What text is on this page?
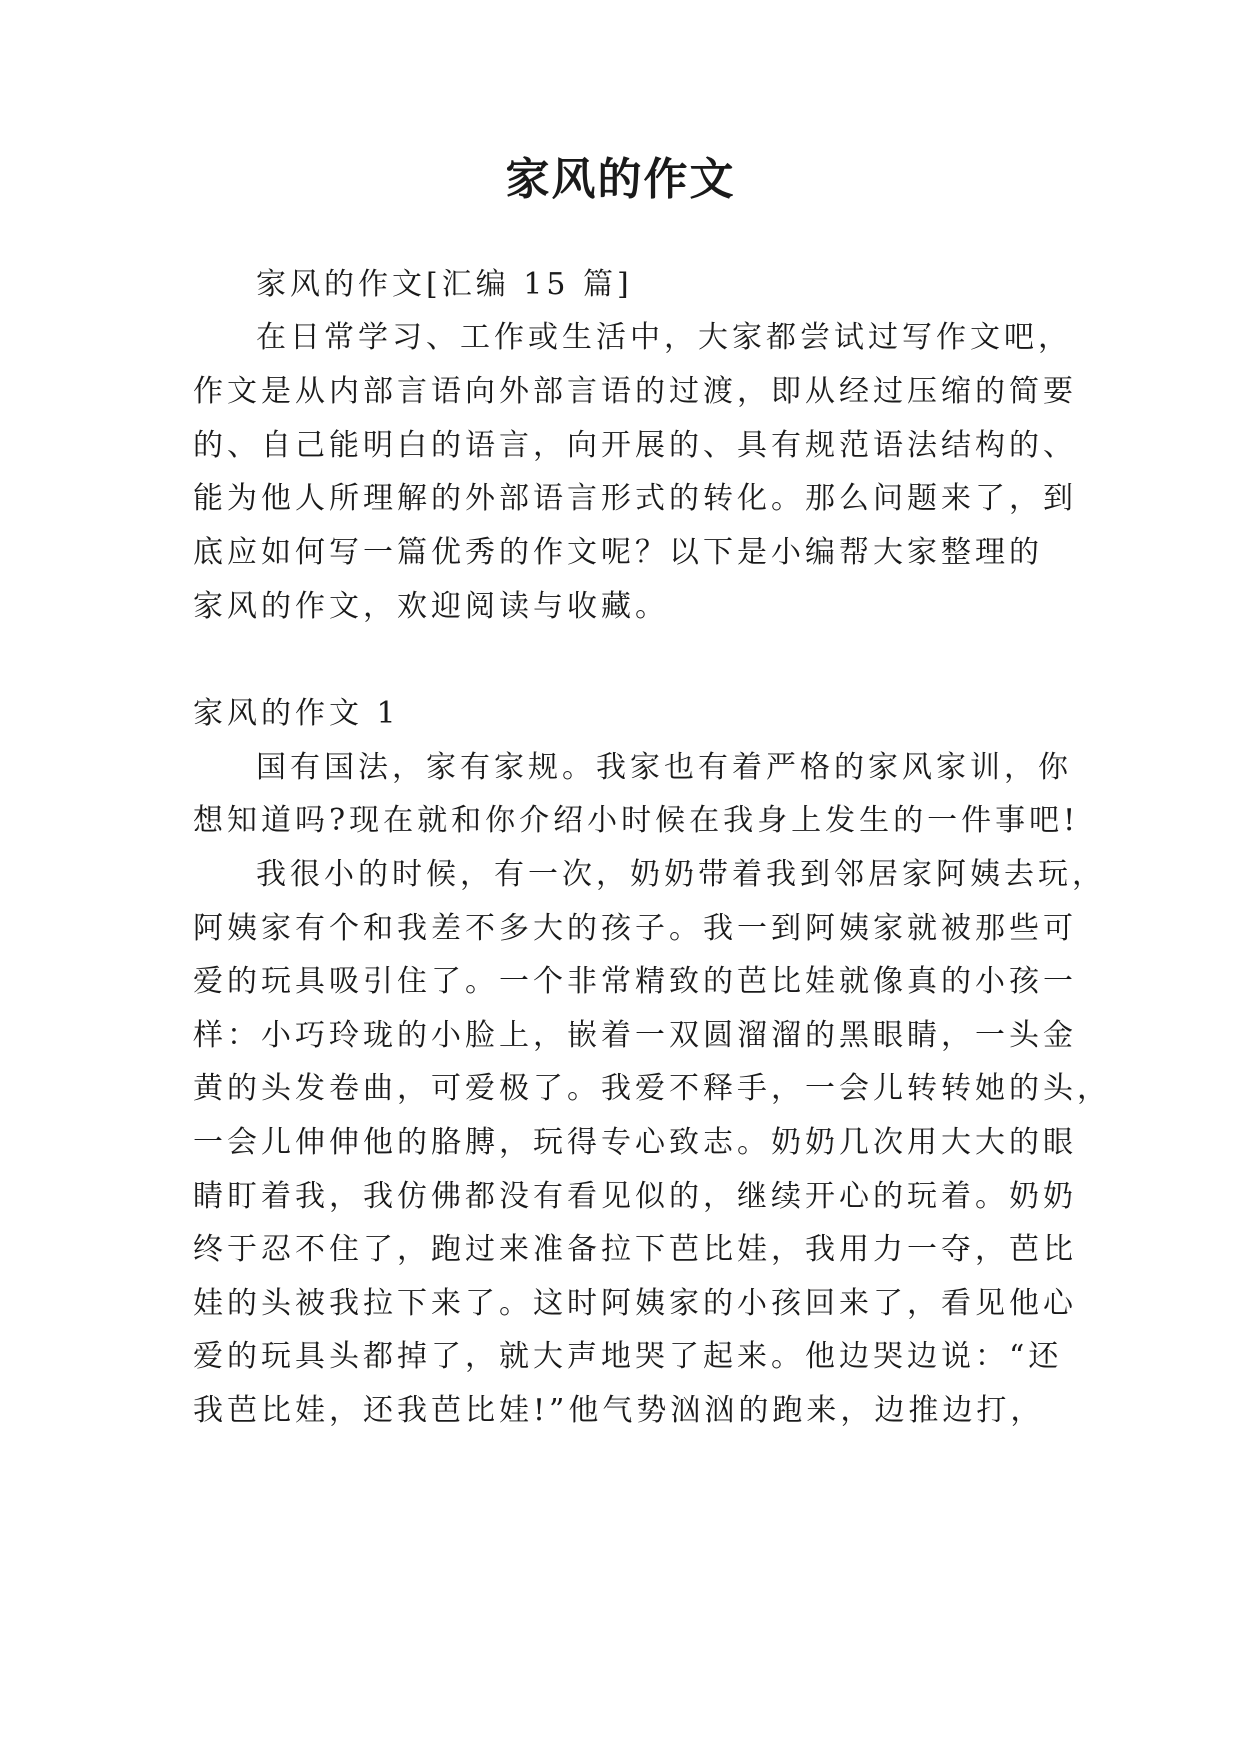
家风的作文
家风的作文[汇编 15 篇]
在日常学习、工作或生活中，大家都尝试过写作文吧，
作文是从内部言语向外部言语的过渡，即从经过压缩的简要
的、自己能明白的语言，向开展的、具有规范语法结构的、
能为他人所理解的外部语言形式的转化。那么问题来了，到
底应如何写一篇优秀的作文呢？以下是小编帮大家整理的
家风的作文，欢迎阅读与收藏。
家风的作文 1
国有国法，家有家规。我家也有着严格的家风家训，你
想知道吗?现在就和你介绍小时候在我身上发生的一件事吧!
我很小的时候，有一次，奶奶带着我到邻居家阿姨去玩，
阿姨家有个和我差不多大的孩子。我一到阿姨家就被那些可
爱的玩具吸引住了。一个非常精致的芭比娃就像真的小孩一
样：小巧玲珑的小脸上，嵌着一双圆溜溜的黑眼睛，一头金
黄的头发卷曲，可爱极了。我爱不释手，一会儿转转她的头，
一会儿伸伸他的胳膊，玩得专心致志。奶奶几次用大大的眼
睛盯着我，我仿佛都没有看见似的，继续开心的玩着。奶奶
终于忍不住了，跑过来准备拉下芭比娃，我用力一夺，芭比
娃的头被我拉下来了。这时阿姨家的小孩回来了，看见他心
爱的玩具头都掉了，就大声地哭了起来。他边哭边说：“还
我芭比娃，还我芭比娃!”他气势汹汹的跑来，边推边打，
